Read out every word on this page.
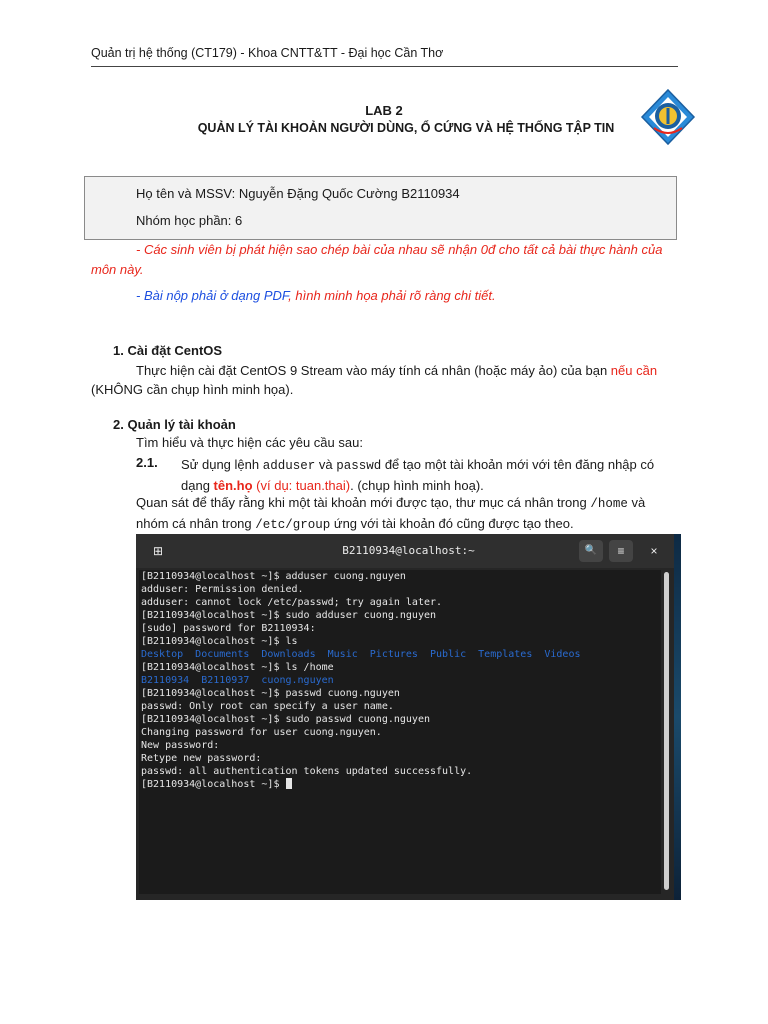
Quản trị hệ thống (CT179) - Khoa CNTT&TT - Đại học Cần Thơ
LAB 2
QUẢN LÝ TÀI KHOẢN NGƯỜI DÙNG, Ổ CỨNG VÀ HỆ THỐNG TẬP TIN
Họ tên và MSSV: Nguyễn Đặng Quốc Cường B2110934
Nhóm học phần: 6
- Các sinh viên bị phát hiện sao chép bài của nhau sẽ nhận 0đ cho tất cả bài thực hành của môn này.
- Bài nộp phải ở dạng PDF, hình minh họa phải rõ ràng chi tiết.
1. Cài đặt CentOS
Thực hiện cài đặt CentOS 9 Stream vào máy tính cá nhân (hoặc máy ảo) của bạn nếu cần (KHÔNG cần chụp hình minh họa).
2. Quản lý tài khoản
Tìm hiểu và thực hiện các yêu cầu sau:
2.1. Sử dụng lệnh adduser và passwd để tạo một tài khoản mới với tên đăng nhập có dạng tên.họ (ví dụ: tuan.thai). (chụp hình minh hoạ).
Quan sát để thấy rằng khi một tài khoản mới được tạo, thư mục cá nhân trong /home và nhóm cá nhân trong /etc/group ứng với tài khoản đó cũng được tạo theo.
⊞	B2110934@localhost:~	🔍	≡	×
[B2110934@localhost ~]$ adduser cuong.nguyen
adduser: Permission denied.
adduser: cannot lock /etc/passwd; try again later.
[B2110934@localhost ~]$ sudo adduser cuong.nguyen
[sudo] password for B2110934:
[B2110934@localhost ~]$ ls
Desktop  Documents  Downloads  Music  Pictures  Public  Templates  Videos
[B2110934@localhost ~]$ ls /home
B2110934  B2110937  cuong.nguyen
[B2110934@localhost ~]$ passwd cuong.nguyen
passwd: Only root can specify a user name.
[B2110934@localhost ~]$ sudo passwd cuong.nguyen
Changing password for user cuong.nguyen.
New password:
Retype new password:
passwd: all authentication tokens updated successfully.
[B2110934@localhost ~]$
